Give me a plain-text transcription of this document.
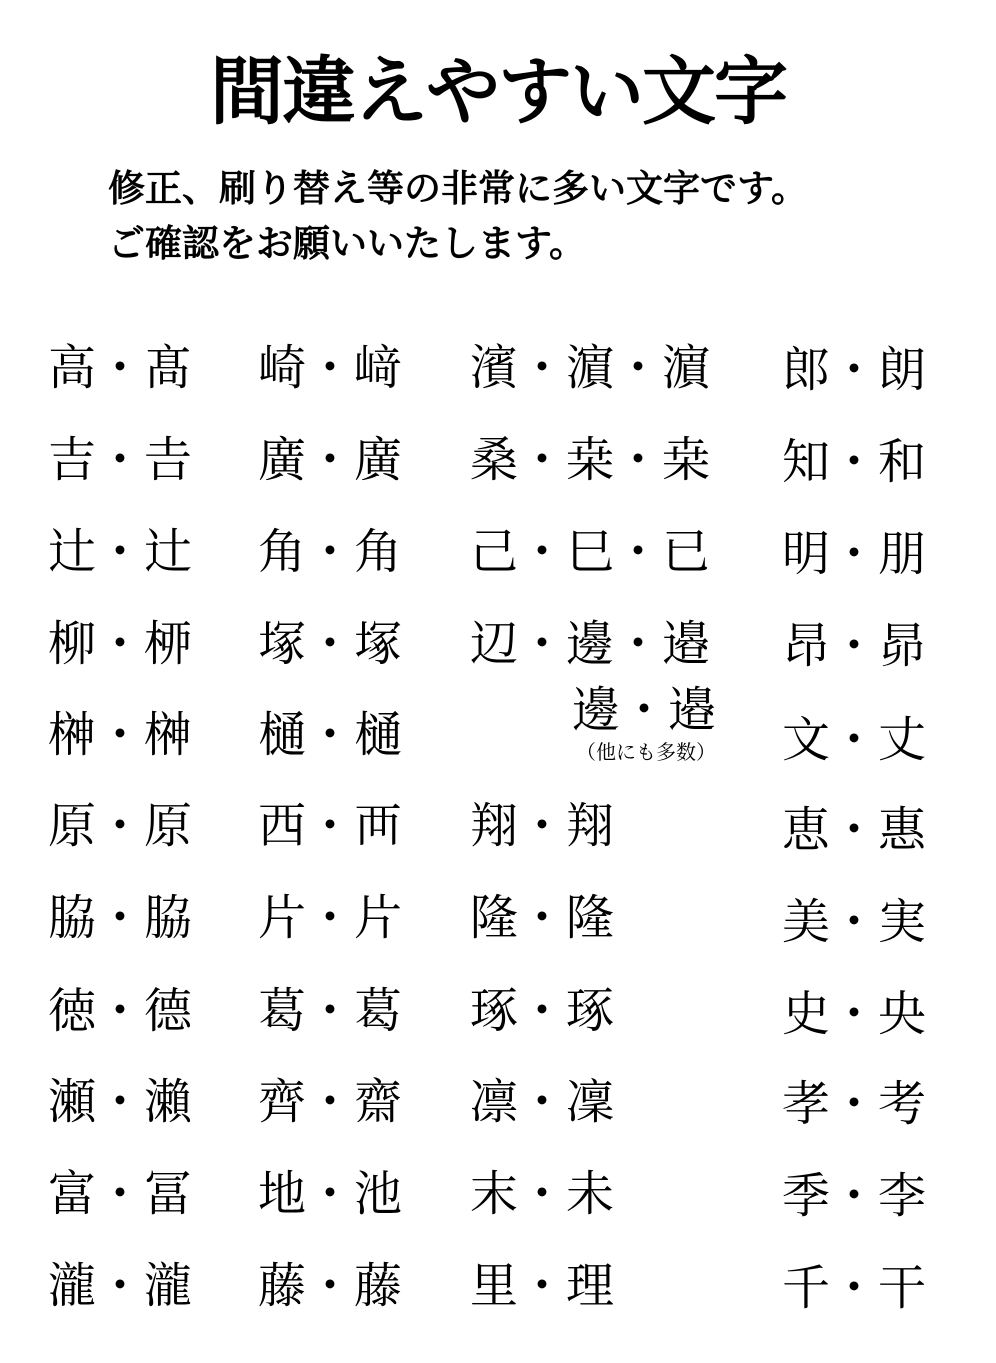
間違えやすい文字
修正、刷り替え等の非常に多い文字です。
ご確認をお願いいたします。
高・髙
吉・𠮷
辻・辻
柳・桺
榊・榊
原・原
脇・脇
徳・德
瀬・瀨
富・冨
瀧・瀧
崎・﨑
廣・廣
角・角
塚・塚
樋・樋
西・襾
片・片
葛・葛
齊・齋
地・池
藤・藤
濱・濵・濵
桑・桒・桒
己・巳・已
辺・邊・邉
邊・邉
（他にも多数）
翔・翔
隆・隆
琢・琢
凛・凜
末・未
里・理
郎・朗
知・和
明・朋
昂・昴
文・丈
恵・惠
美・実
史・央
孝・考
季・李
千・干
